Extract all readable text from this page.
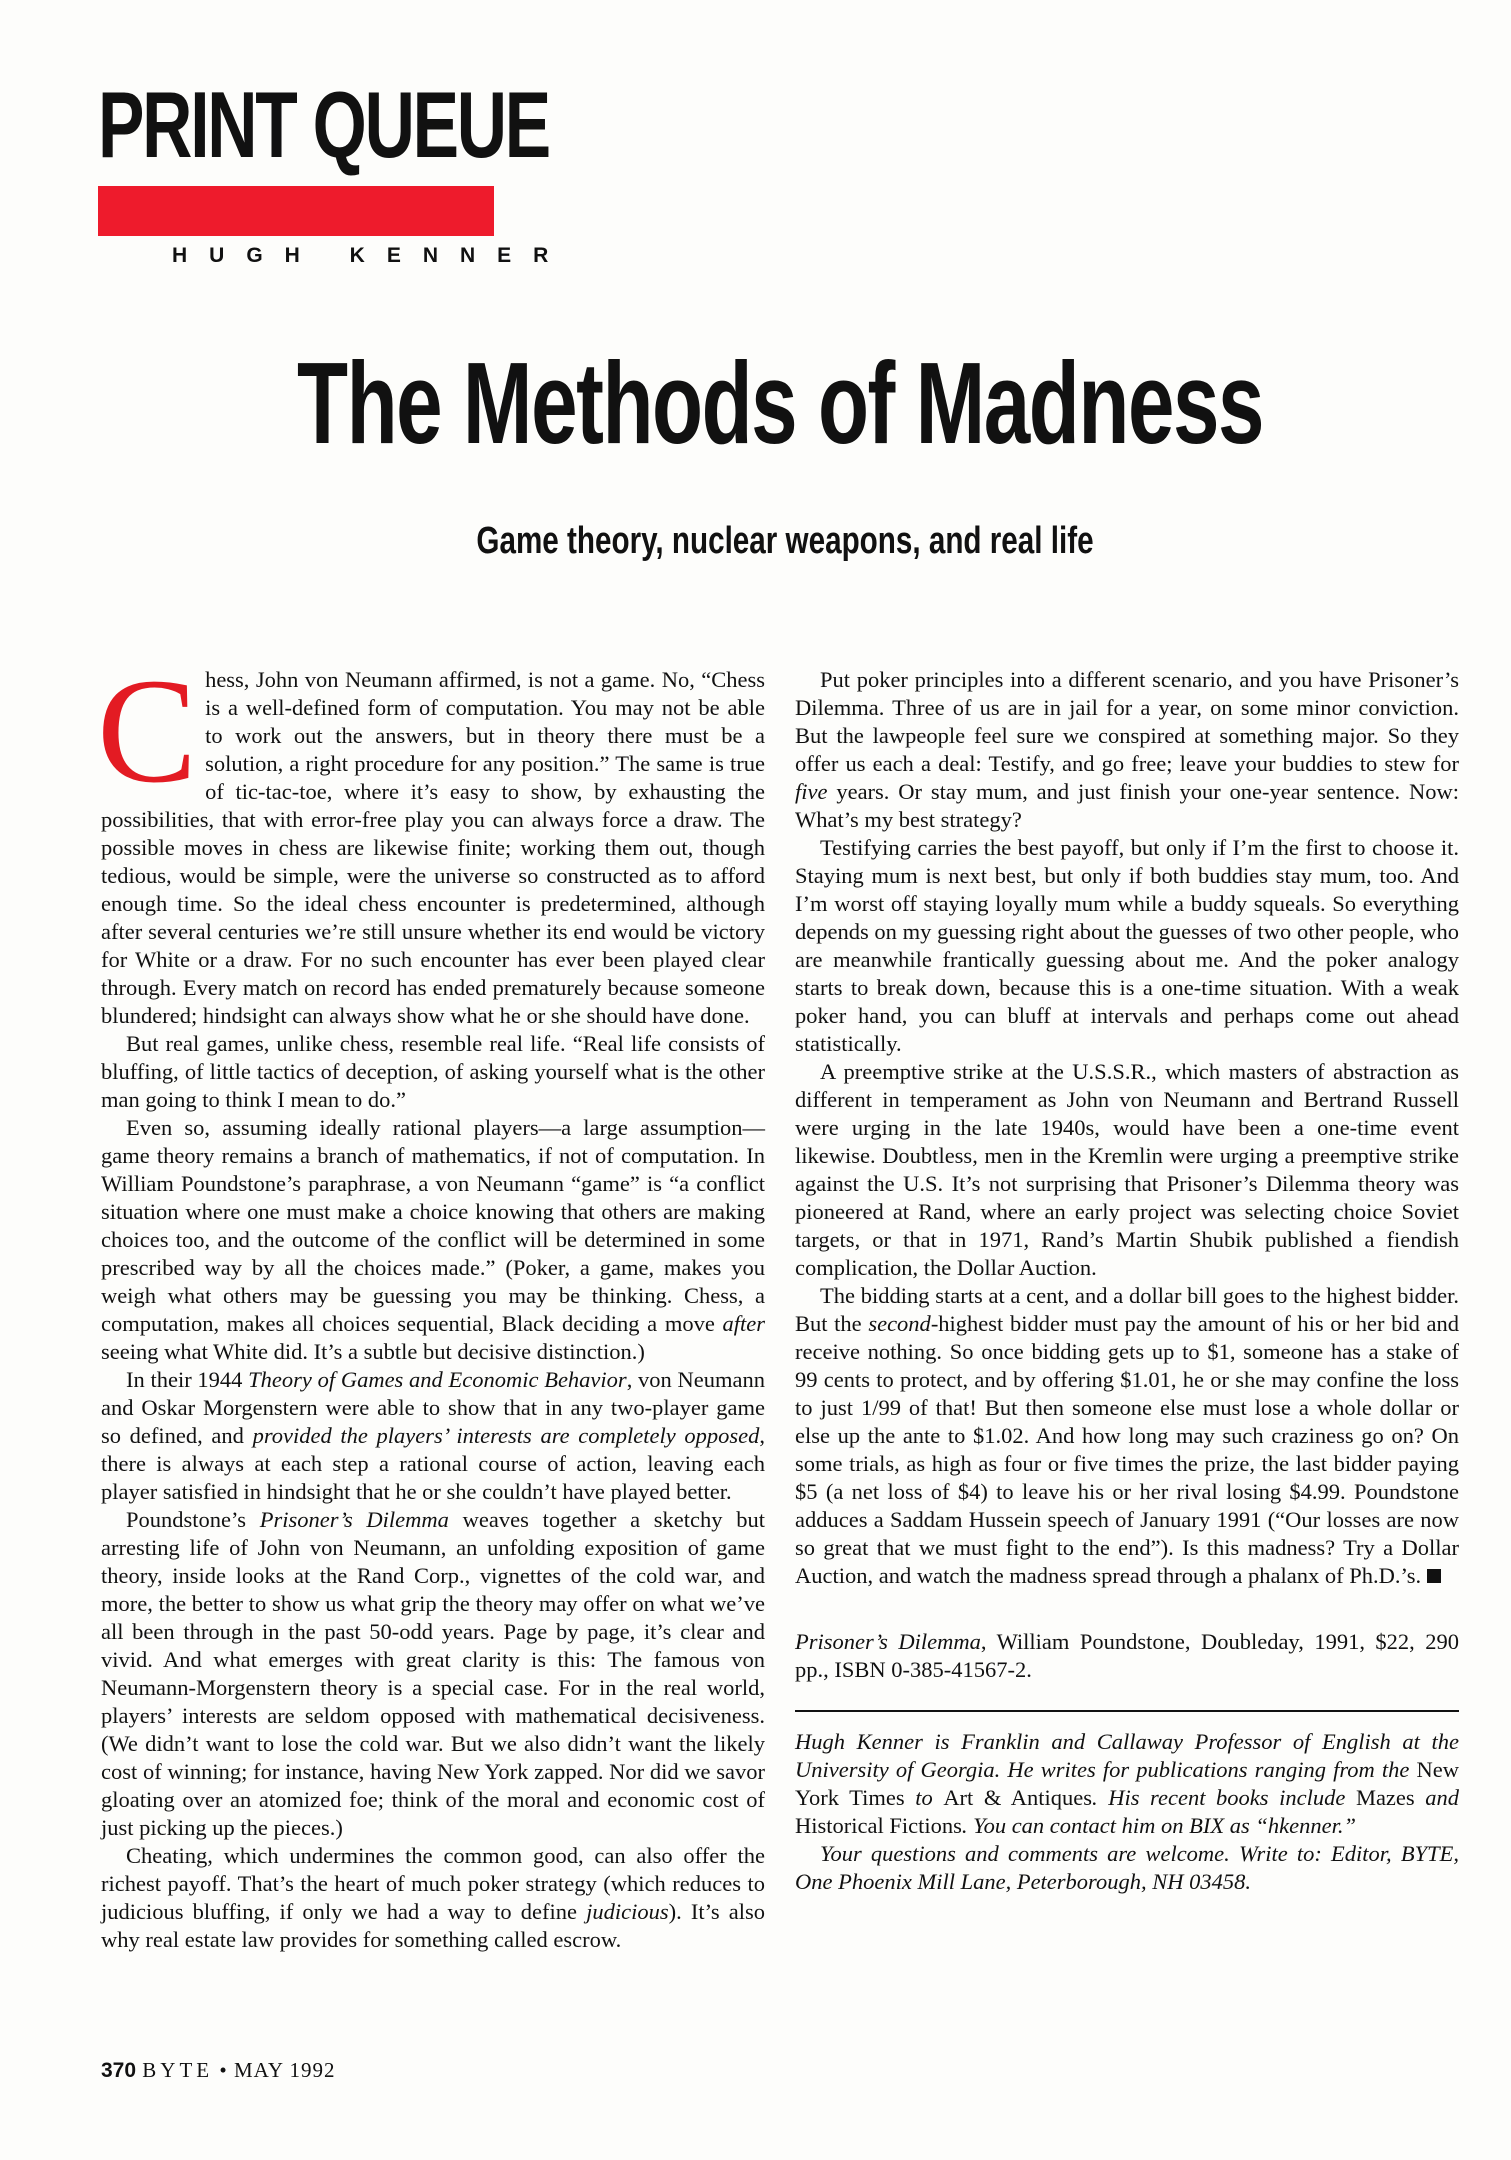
PRINT QUEUE
HUGH KENNER
The Methods of Madness
Game theory, nuclear weapons, and real life

Chess, John von Neumann affirmed, is not a game. No, “Chess is a well-defined form of computation. You may not be able to work out the answers, but in theory there must be a solution, a right procedure for any position.” The same is true of tic-tac-toe, where it’s easy to show, by exhausting the possibilities, that with error-free play you can always force a draw. The possible moves in chess are likewise finite; working them out, though tedious, would be simple, were the universe so constructed as to afford enough time. So the ideal chess encounter is predetermined, although after several centuries we’re still unsure whether its end would be victory for White or a draw. For no such encounter has ever been played clear through. Every match on record has ended prematurely because someone blundered; hindsight can always show what he or she should have done.

But real games, unlike chess, resemble real life. “Real life consists of bluffing, of little tactics of deception, of asking yourself what is the other man going to think I mean to do.”

Even so, assuming ideally rational players—a large assumption—game theory remains a branch of mathematics, if not of computation. In William Poundstone’s paraphrase, a von Neumann “game” is “a conflict situation where one must make a choice knowing that others are making choices too, and the outcome of the conflict will be determined in some prescribed way by all the choices made.” (Poker, a game, makes you weigh what others may be guessing you may be thinking. Chess, a computation, makes all choices sequential, Black deciding a move after seeing what White did. It’s a subtle but decisive distinction.)

In their 1944 Theory of Games and Economic Behavior, von Neumann and Oskar Morgenstern were able to show that in any two-player game so defined, and provided the players’ interests are completely opposed, there is always at each step a rational course of action, leaving each player satisfied in hindsight that he or she couldn’t have played better.

Poundstone’s Prisoner’s Dilemma weaves together a sketchy but arresting life of John von Neumann, an unfolding exposition of game theory, inside looks at the Rand Corp., vignettes of the cold war, and more, the better to show us what grip the theory may offer on what we’ve all been through in the past 50-odd years. Page by page, it’s clear and vivid. And what emerges with great clarity is this: The famous von Neumann-Morgenstern theory is a special case. For in the real world, players’ interests are seldom opposed with mathematical decisiveness. (We didn’t want to lose the cold war. But we also didn’t want the likely cost of winning; for instance, having New York zapped. Nor did we savor gloating over an atomized foe; think of the moral and economic cost of just picking up the pieces.)

Cheating, which undermines the common good, can also offer the richest payoff. That’s the heart of much poker strategy (which reduces to judicious bluffing, if only we had a way to define judicious). It’s also why real estate law provides for something called escrow.

Put poker principles into a different scenario, and you have Prisoner’s Dilemma. Three of us are in jail for a year, on some minor conviction. But the lawpeople feel sure we conspired at something major. So they offer us each a deal: Testify, and go free; leave your buddies to stew for five years. Or stay mum, and just finish your one-year sentence. Now: What’s my best strategy?

Testifying carries the best payoff, but only if I’m the first to choose it. Staying mum is next best, but only if both buddies stay mum, too. And I’m worst off staying loyally mum while a buddy squeals. So everything depends on my guessing right about the guesses of two other people, who are meanwhile frantically guessing about me. And the poker analogy starts to break down, because this is a one-time situation. With a weak poker hand, you can bluff at intervals and perhaps come out ahead statistically.

A preemptive strike at the U.S.S.R., which masters of abstraction as different in temperament as John von Neumann and Bertrand Russell were urging in the late 1940s, would have been a one-time event likewise. Doubtless, men in the Kremlin were urging a preemptive strike against the U.S. It’s not surprising that Prisoner’s Dilemma theory was pioneered at Rand, where an early project was selecting choice Soviet targets, or that in 1971, Rand’s Martin Shubik published a fiendish complication, the Dollar Auction.

The bidding starts at a cent, and a dollar bill goes to the highest bidder. But the second-highest bidder must pay the amount of his or her bid and receive nothing. So once bidding gets up to $1, someone has a stake of 99 cents to protect, and by offering $1.01, he or she may confine the loss to just 1/99 of that! But then someone else must lose a whole dollar or else up the ante to $1.02. And how long may such craziness go on? On some trials, as high as four or five times the prize, the last bidder paying $5 (a net loss of $4) to leave his or her rival losing $4.99. Poundstone adduces a Saddam Hussein speech of January 1991 (“Our losses are now so great that we must fight to the end”). Is this madness? Try a Dollar Auction, and watch the madness spread through a phalanx of Ph.D.’s.

Prisoner’s Dilemma, William Poundstone, Doubleday, 1991, $22, 290 pp., ISBN 0-385-41567-2.

Hugh Kenner is Franklin and Callaway Professor of English at the University of Georgia. He writes for publications ranging from the New York Times to Art & Antiques. His recent books include Mazes and Historical Fictions. You can contact him on BIX as “hkenner.”

Your questions and comments are welcome. Write to: Editor, BYTE, One Phoenix Mill Lane, Peterborough, NH 03458.

370 BYTE • MAY 1992
